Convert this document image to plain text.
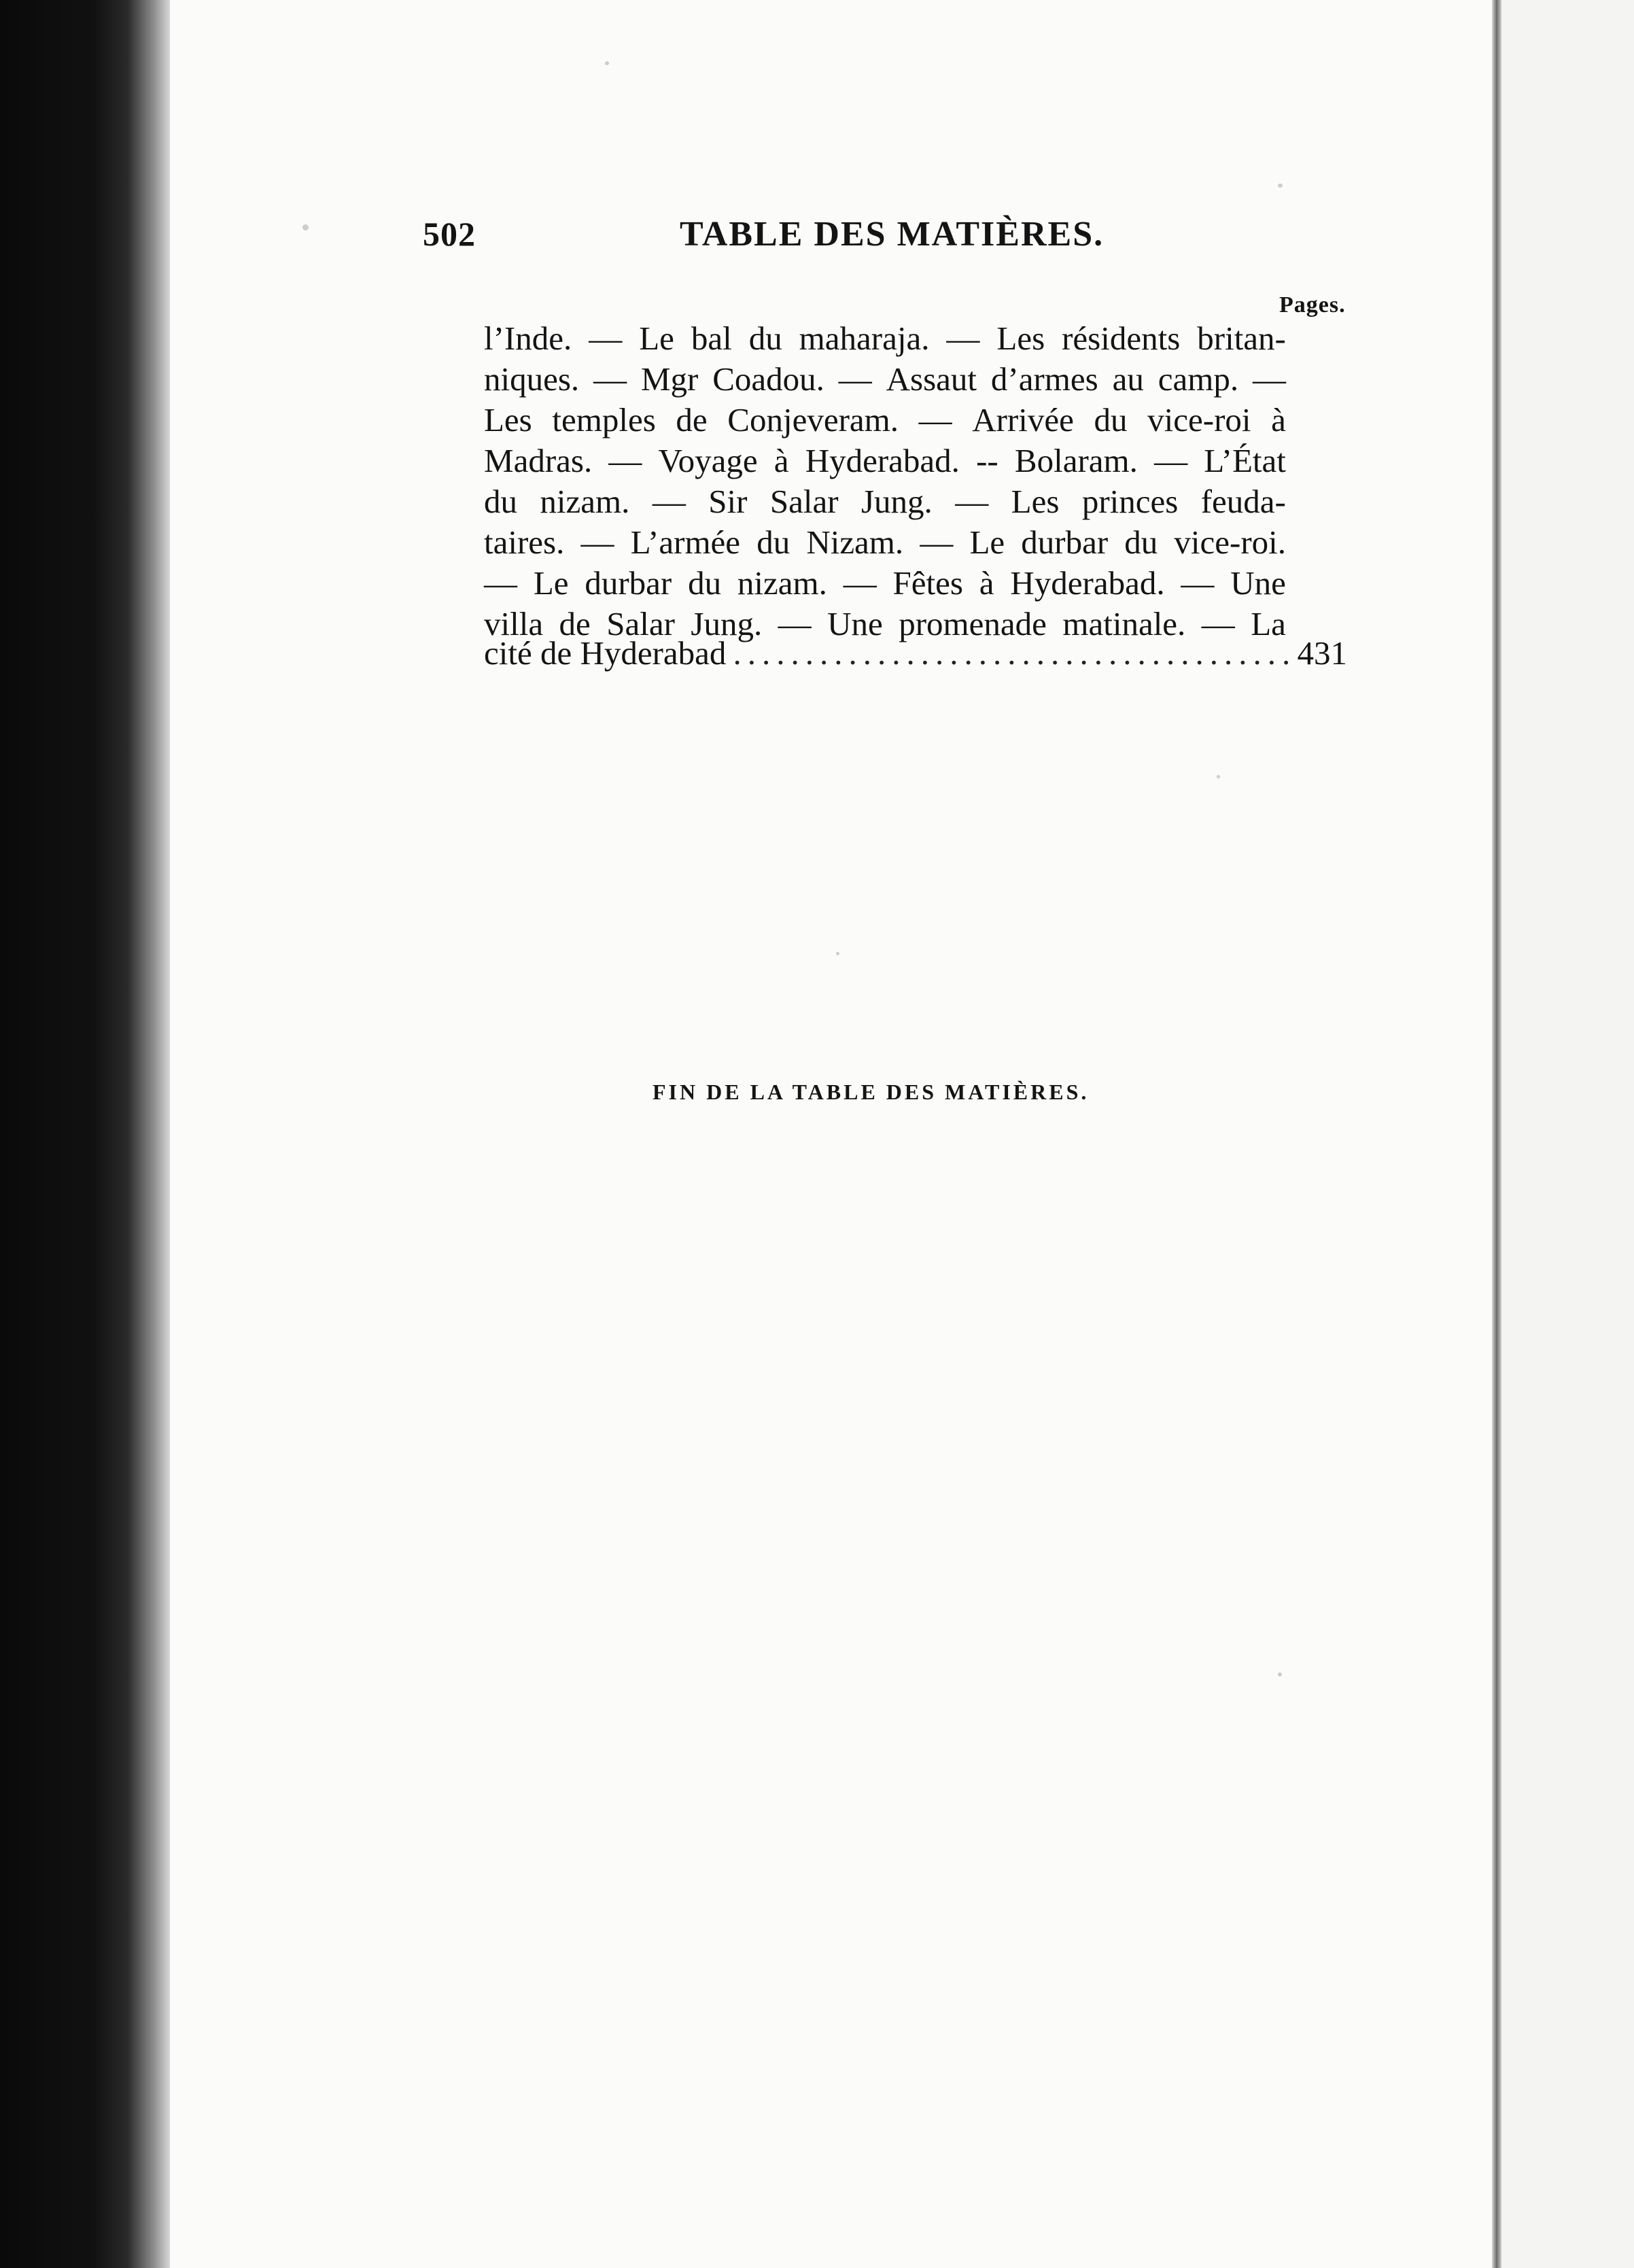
502	TABLE DES MATIÈRES.
Pages.
l’Inde. — Le bal du maharaja. — Les résidents britan-
niques. — Mgr Coadou. — Assaut d’armes au camp. —
Les temples de Conjeveram. — Arrivée du vice-roi à
Madras. — Voyage à Hyderabad. -- Bolaram. — L’État
du nizam. — Sir Salar Jung. — Les princes feuda-
taires. — L’armée du Nizam. — Le durbar du vice-roi.
— Le durbar du nizam. — Fêtes à Hyderabad. — Une
villa de Salar Jung. — Une promenade matinale. — La
cité de Hyderabad
.....	431
FIN DE LA TABLE DES MATIÈRES.
